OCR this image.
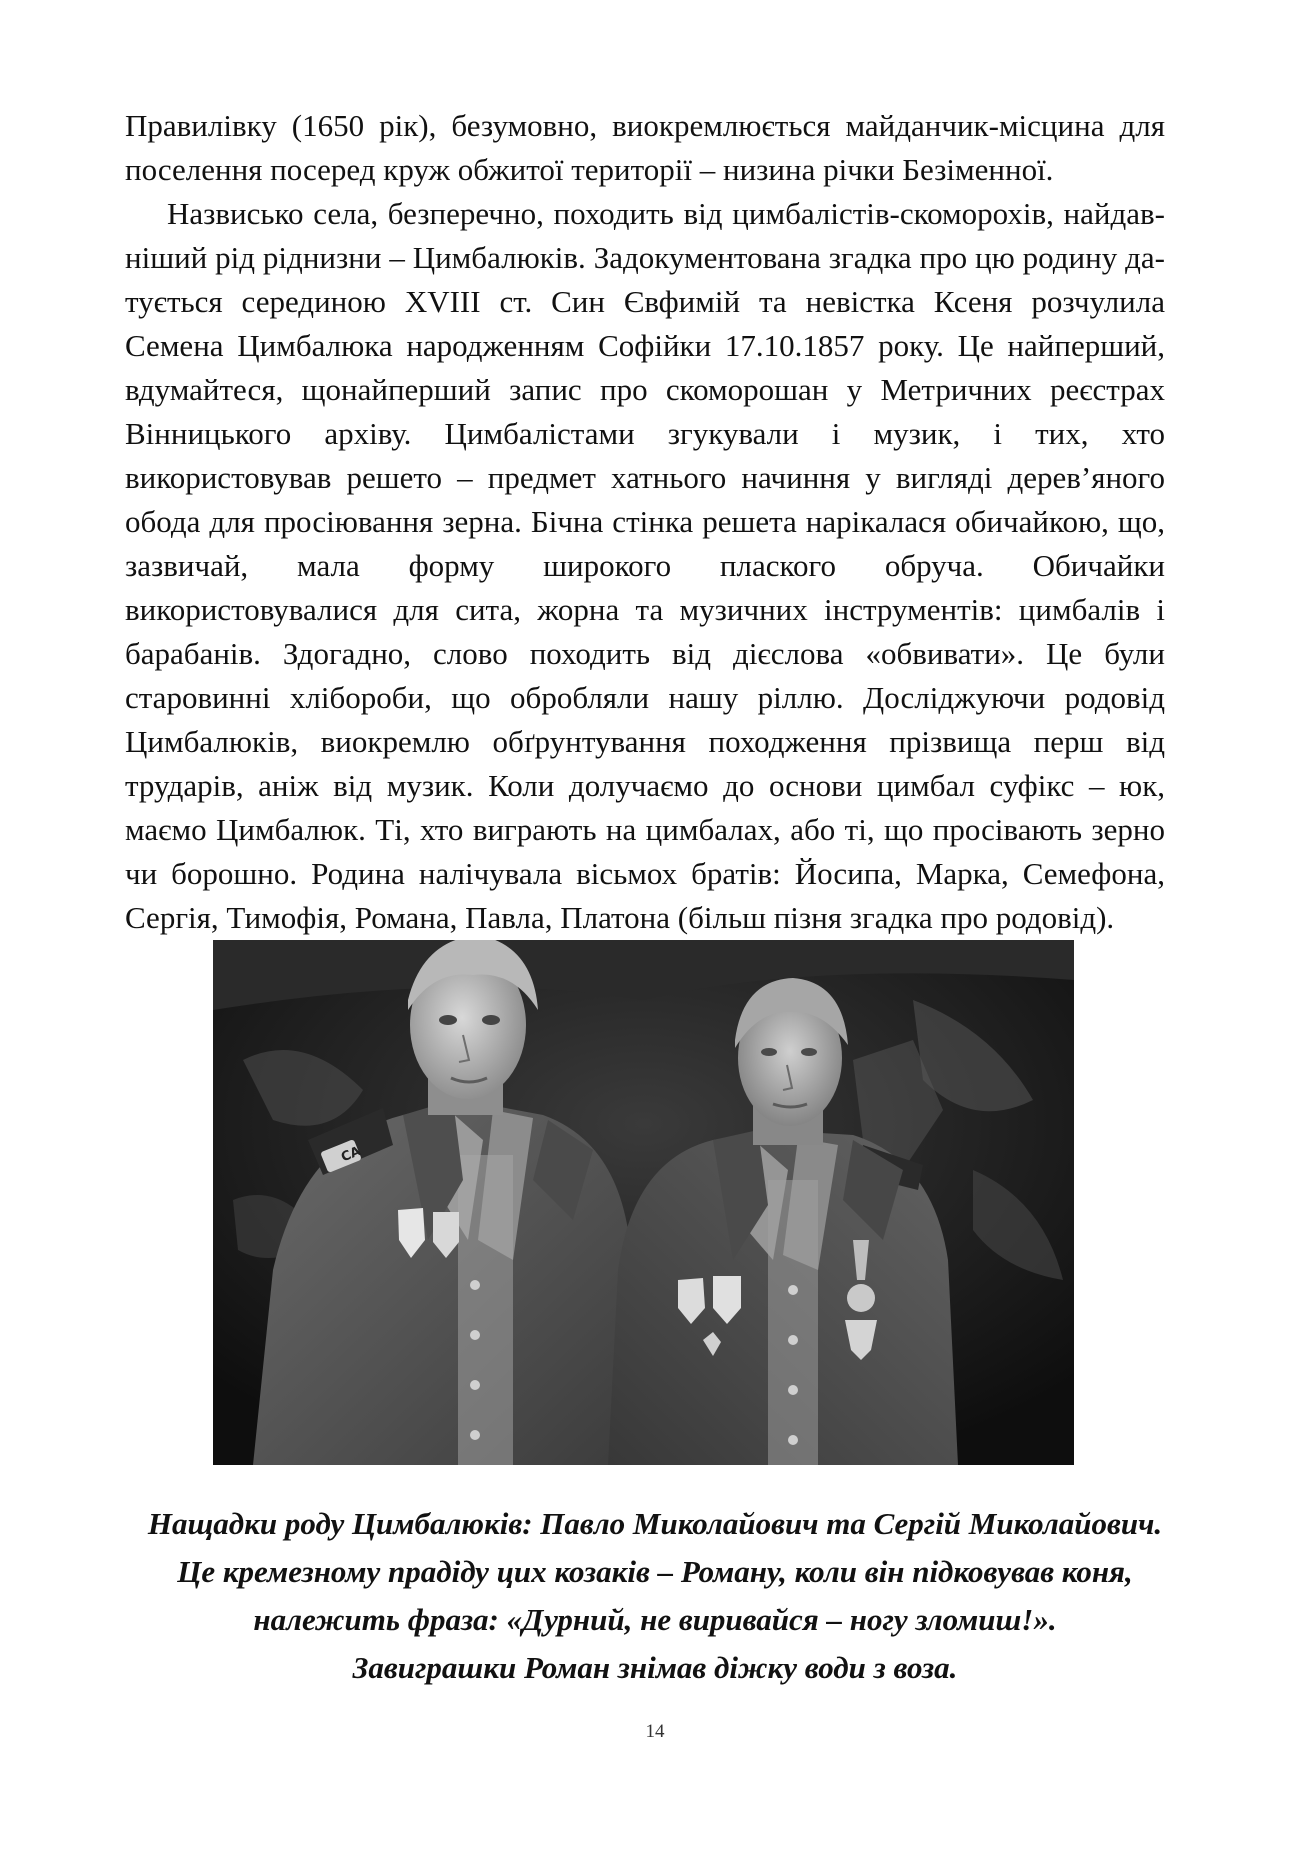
Правилівку (1650 рік), безумовно, виокремлюється майданчик-місцина для поселення посеред круж обжитої території – низина річки Безіменної.

Назвисько села, безперечно, походить від цимбалістів-скоморохів, найдавніший рід ріднизни – Цимбалюків. Задокументована згадка про цю родину датується серединою XVIII ст. Син Євфимій та невістка Ксеня розчулила Семена Цимбалюка народженням Софійки 17.10.1857 року. Це найперший, вдумайтеся, щонайперший запис про скоморошан у Метричних реєстрах Вінницького архіву. Цимбалістами згукували і музик, і тих, хто використовував решето – предмет хатнього начиння у вигляді дерев’яного обода для просіювання зерна. Бічна стінка решета нарікалася обичайкою, що, зазвичай, мала форму широкого плаского обруча. Обичайки використовувалися для сита, жорна та музичних інструментів: цимбалів і барабанів. Здогадно, слово походить від дієслова «обвивати». Це були старовинні хлібороби, що обробляли нашу ріллю. Досліджуючи родовід Цимбалюків, виокремлю обґрунтування походження прізвища перш від трударів, аніж від музик. Коли долучаємо до основи цимбал суфікс – юк, маємо Цимбалюк. Ті, хто виграють на цимбалах, або ті, що просівають зерно чи борошно. Родина налічувала вісьмох братів: Йосипа, Марка, Семефона, Сергія, Тимофія, Романа, Павла, Платона (більш пізня згадка про родовід).

СА
Нащадки роду Цимбалюків: Павло Миколайович та Сергій Миколайович.
Це кремезному прадіду цих козаків – Роману, коли він підковував коня,
належить фраза: «Дурний, не виривайся – ногу зломиш!».
Завиграшки Роман знімав діжку води з воза.
14
